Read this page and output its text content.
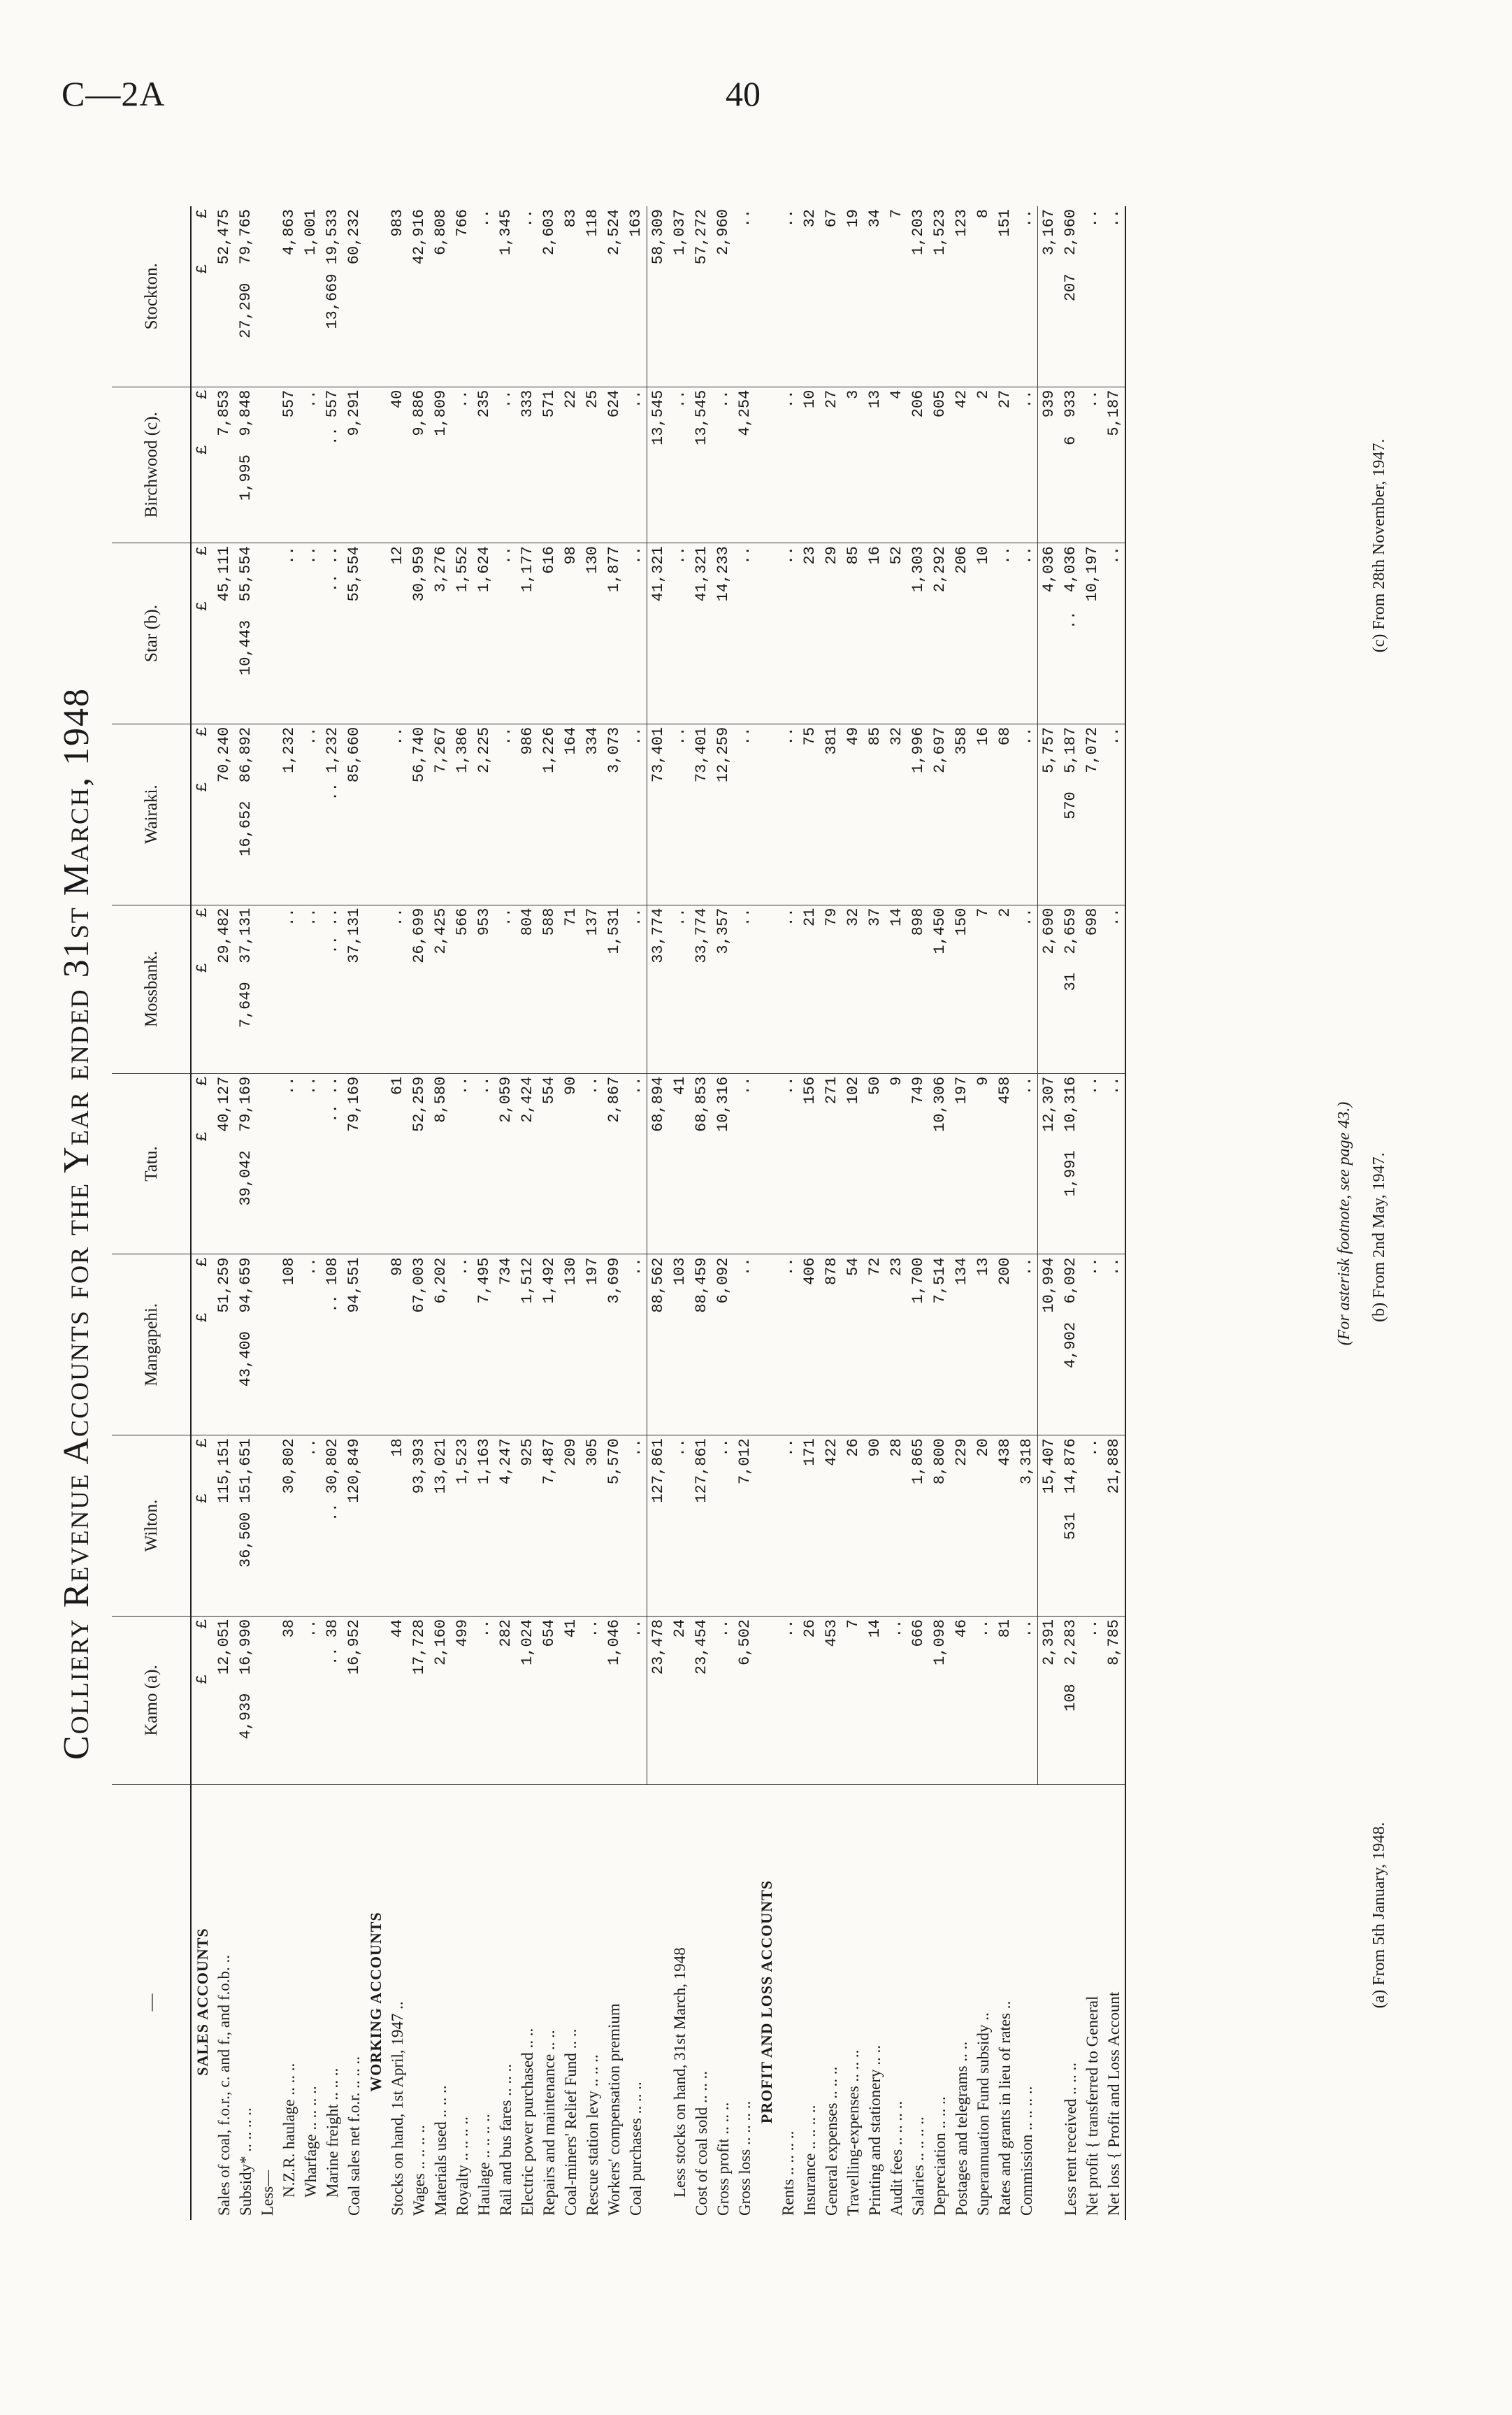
C—2A	40
Colliery Revenue Accounts for the Year ended 31st March, 1948
—	Kamo (a).	Wilton.	Mangapehi.	Tatu.	Mossbank.	Wairaki.	Star (b).	Birchwood (c).	Stockton.

SALES ACCOUNTS	£     £	£     £	£     £	£     £	£     £	£     £	£     £	£     £	£     £
Sales of coal, f.o.r., c. and f., and f.o.b. ..	12,051	115,151	51,259	40,127	29,482	70,240	45,111	7,853	52,475
Subsidy* .. .. .. ..	4,939  16,990	36,500 151,651	43,400  94,659	39,042  79,169	7,649  37,131	16,652  86,892	10,443  55,554	1,995  9,848	27,290  79,765
Less—									
N.Z.R. haulage .. .. ..	38	30,802	108	..	..	1,232	..	557	4,863
Wharfage .. .. .. ..	..	..	..	..	..	..	..	..	1,001
Marine freight .. .. ..	.. 38	.. 30,802	.. 108	.. ..	.. ..	.. 1,232	.. ..	.. 557	13,669 19,533
Coal sales net f.o.r. .. .. ..	16,952	120,849	94,551	79,169	37,131	85,660	55,554	9,291	60,232

WORKING ACCOUNTS									

Stocks on hand, 1st April, 1947 ..	44	18	98	61	..	..	12	40	983
Wages .. .. .. ..	17,728	93,393	67,003	52,259	26,699	56,740	30,959	9,886	42,916
Materials used .. .. ..	2,160	13,021	6,202	8,580	2,425	7,267	3,276	1,809	6,808
Royalty .. .. .. ..	499	1,523	..	..	566	1,386	1,552	..	766
Haulage .. .. .. ..	..	1,163	7,495	..	953	2,225	1,624	235	..
Rail and bus fares .. .. ..	282	4,247	734	2,059	..	..	..	..	1,345
Electric power purchased .. ..	1,024	925	1,512	2,424	804	986	1,177	333	..
Repairs and maintenance .. ..	654	7,487	1,492	554	588	1,226	616	571	2,603
Coal-miners' Relief Fund .. ..	41	209	130	90	71	164	98	22	83
Rescue station levy .. .. ..	..	305	197	..	137	334	130	25	118
Workers' compensation premium	1,046	5,570	3,699	2,867	1,531	3,073	1,877	624	2,524
Coal purchases .. .. ..	..	..	..	..	..	..	..	..	163
	23,478	127,861	88,562	68,894	33,774	73,401	41,321	13,545	58,309
Less stocks on hand, 31st March, 1948	24	..	103	41	..	..	..	..	1,037
Cost of coal sold .. .. ..	23,454	127,861	88,459	68,853	33,774	73,401	41,321	13,545	57,272
Gross profit .. .. ..	..	..	6,092	10,316	3,357	12,259	14,233	..	2,960
Gross loss .. .. .. ..	6,502	7,012	..	..	..	..	..	4,254	..

PROFIT AND LOSS ACCOUNTS									

Rents .. .. .. ..	..	..	..	..	..	..	..	..	..
Insurance .. .. .. ..	26	171	406	156	21	75	23	10	32
General expenses .. .. ..	453	422	878	271	79	381	29	27	67
Travelling-expenses .. .. ..	7	26	54	102	32	49	85	3	19
Printing and stationery .. ..	14	90	72	50	37	85	16	13	34
Audit fees .. .. .. ..	..	28	23	9	14	32	52	4	7
Salaries .. .. .. ..	666	1,865	1,700	749	898	1,996	1,303	206	1,203
Depreciation .. .. ..	1,098	8,800	7,514	10,306	1,450	2,697	2,292	605	1,523
Postages and telegrams .. ..	46	229	134	197	150	358	206	42	123
Superannuation Fund subsidy ..	..	20	13	9	7	16	10	2	8
Rates and grants in lieu of rates ..	81	438	200	458	2	68	..	27	151
Commission .. .. .. ..	..	3,318	..	..	..	..	..	..	..
	2,391	15,407	10,994	12,307	2,690	5,757	4,036	939	3,167
Less rent received .. .. ..	108  2,283	531  14,876	4,902  6,092	1,991  10,316	31  2,659	570  5,187	..  4,036	6  933	207  2,960
Net profit { transferred to General	..	..	..	..	698	7,072	10,197	..	..
Net loss { Profit and Loss Account	8,785	21,888	..	..	..	..	..	5,187	..
(For asterisk footnote, see page 43.)
(a) From 5th January, 1948.
(b) From 2nd May, 1947.
(c) From 28th November, 1947.
